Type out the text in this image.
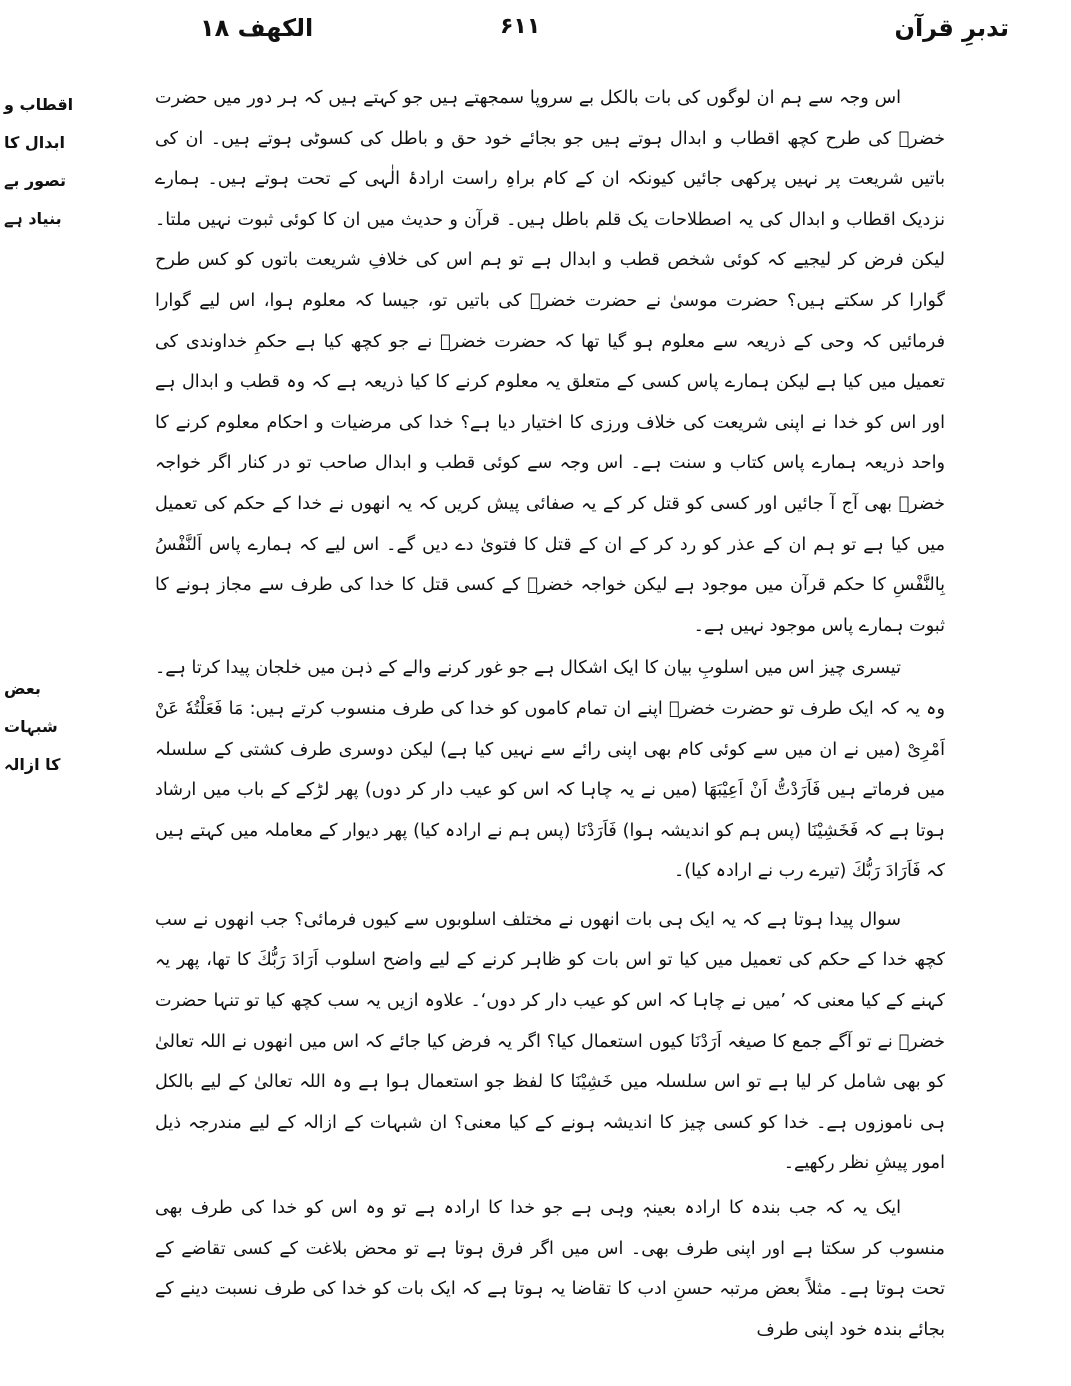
تدبرِ قرآن
۶۱۱
الکھف ۱۸
اقطاب و
ابدال کا
تصور بے
بنیاد ہے
بعض
شبہات
کا ازالہ

اس وجہ سے ہم ان لوگوں کی بات بالکل بے سروپا سمجھتے ہیں جو کہتے ہیں کہ ہر دور میں حضرت خضرؑ کی طرح کچھ اقطاب و ابدال ہوتے ہیں جو بجائے خود حق و باطل کی کسوٹی ہوتے ہیں۔ ان کی باتیں شریعت پر نہیں پرکھی جائیں کیونکہ ان کے کام براہِ راست ارادۂ الٰہی کے تحت ہوتے ہیں۔ ہمارے نزدیک اقطاب و ابدال کی یہ اصطلاحات یک قلم باطل ہیں۔ قرآن و حدیث میں ان کا کوئی ثبوت نہیں ملتا۔ لیکن فرض کر لیجیے کہ کوئی شخص قطب و ابدال ہے تو ہم اس کی خلافِ شریعت باتوں کو کس طرح گوارا کر سکتے ہیں؟ حضرت موسیٰ نے حضرت خضرؑ کی باتیں تو، جیسا کہ معلوم ہوا، اس لیے گوارا فرمائیں کہ وحی کے ذریعہ سے معلوم ہو گیا تھا کہ حضرت خضرؑ نے جو کچھ کیا ہے حکمِ خداوندی کی تعمیل میں کیا ہے لیکن ہمارے پاس کسی کے متعلق یہ معلوم کرنے کا کیا ذریعہ ہے کہ وہ قطب و ابدال ہے اور اس کو خدا نے اپنی شریعت کی خلاف ورزی کا اختیار دیا ہے؟ خدا کی مرضیات و احکام معلوم کرنے کا واحد ذریعہ ہمارے پاس کتاب و سنت ہے۔ اس وجہ سے کوئی قطب و ابدال صاحب تو در کنار اگر خواجہ خضرؑ بھی آج آ جائیں اور کسی کو قتل کر کے یہ صفائی پیش کریں کہ یہ انھوں نے خدا کے حکم کی تعمیل میں کیا ہے تو ہم ان کے عذر کو رد کر کے ان کے قتل کا فتویٰ دے دیں گے۔ اس لیے کہ ہمارے پاس اَلنَّفْسُ بِالنَّفْسِ کا حکم قرآن میں موجود ہے لیکن خواجہ خضرؑ کے کسی قتل کا خدا کی طرف سے مجاز ہونے کا ثبوت ہمارے پاس موجود نہیں ہے۔

تیسری چیز اس میں اسلوبِ بیان کا ایک اشکال ہے جو غور کرنے والے کے ذہن میں خلجان پیدا کرتا ہے۔ وہ یہ کہ ایک طرف تو حضرت خضرؑ اپنے ان تمام کاموں کو خدا کی طرف منسوب کرتے ہیں: مَا فَعَلْتُهٗ عَنْ اَمْرِیْ (میں نے ان میں سے کوئی کام بھی اپنی رائے سے نہیں کیا ہے) لیکن دوسری طرف کشتی کے سلسلہ میں فرماتے ہیں فَاَرَدْتُّ اَنْ اَعِیْبَهَا (میں نے یہ چاہا کہ اس کو عیب دار کر دوں) پھر لڑکے کے باب میں ارشاد ہوتا ہے کہ فَخَشِیْنَا (پس ہم کو اندیشہ ہوا) فَاَرَدْنَا (پس ہم نے ارادہ کیا) پھر دیوار کے معاملہ میں کہتے ہیں کہ فَاَرَادَ رَبُّكَ (تیرے رب نے ارادہ کیا)۔

سوال پیدا ہوتا ہے کہ یہ ایک ہی بات انھوں نے مختلف اسلوبوں سے کیوں فرمائی؟ جب انھوں نے سب کچھ خدا کے حکم کی تعمیل میں کیا تو اس بات کو ظاہر کرنے کے لیے واضح اسلوب اَرَادَ رَبُّكَ کا تھا، پھر یہ کہنے کے کیا معنی کہ ’میں نے چاہا کہ اس کو عیب دار کر دوں‘۔ علاوہ ازیں یہ سب کچھ کیا تو تنہا حضرت خضرؑ نے تو آگے جمع کا صیغہ اَرَدْنَا کیوں استعمال کیا؟ اگر یہ فرض کیا جائے کہ اس میں انھوں نے اللہ تعالیٰ کو بھی شامل کر لیا ہے تو اس سلسلہ میں خَشِیْنَا کا لفظ جو استعمال ہوا ہے وہ اللہ تعالیٰ کے لیے بالکل ہی ناموزوں ہے۔ خدا کو کسی چیز کا اندیشہ ہونے کے کیا معنی؟ ان شبہات کے ازالہ کے لیے مندرجہ ذیل امور پیشِ نظر رکھیے۔

ایک یہ کہ جب بندہ کا ارادہ بعینہٖ وہی ہے جو خدا کا ارادہ ہے تو وہ اس کو خدا کی طرف بھی منسوب کر سکتا ہے اور اپنی طرف بھی۔ اس میں اگر فرق ہوتا ہے تو محض بلاغت کے کسی تقاضے کے تحت ہوتا ہے۔ مثلاً بعض مرتبہ حسنِ ادب کا تقاضا یہ ہوتا ہے کہ ایک بات کو خدا کی طرف نسبت دینے کے بجائے بندہ خود اپنی طرف
